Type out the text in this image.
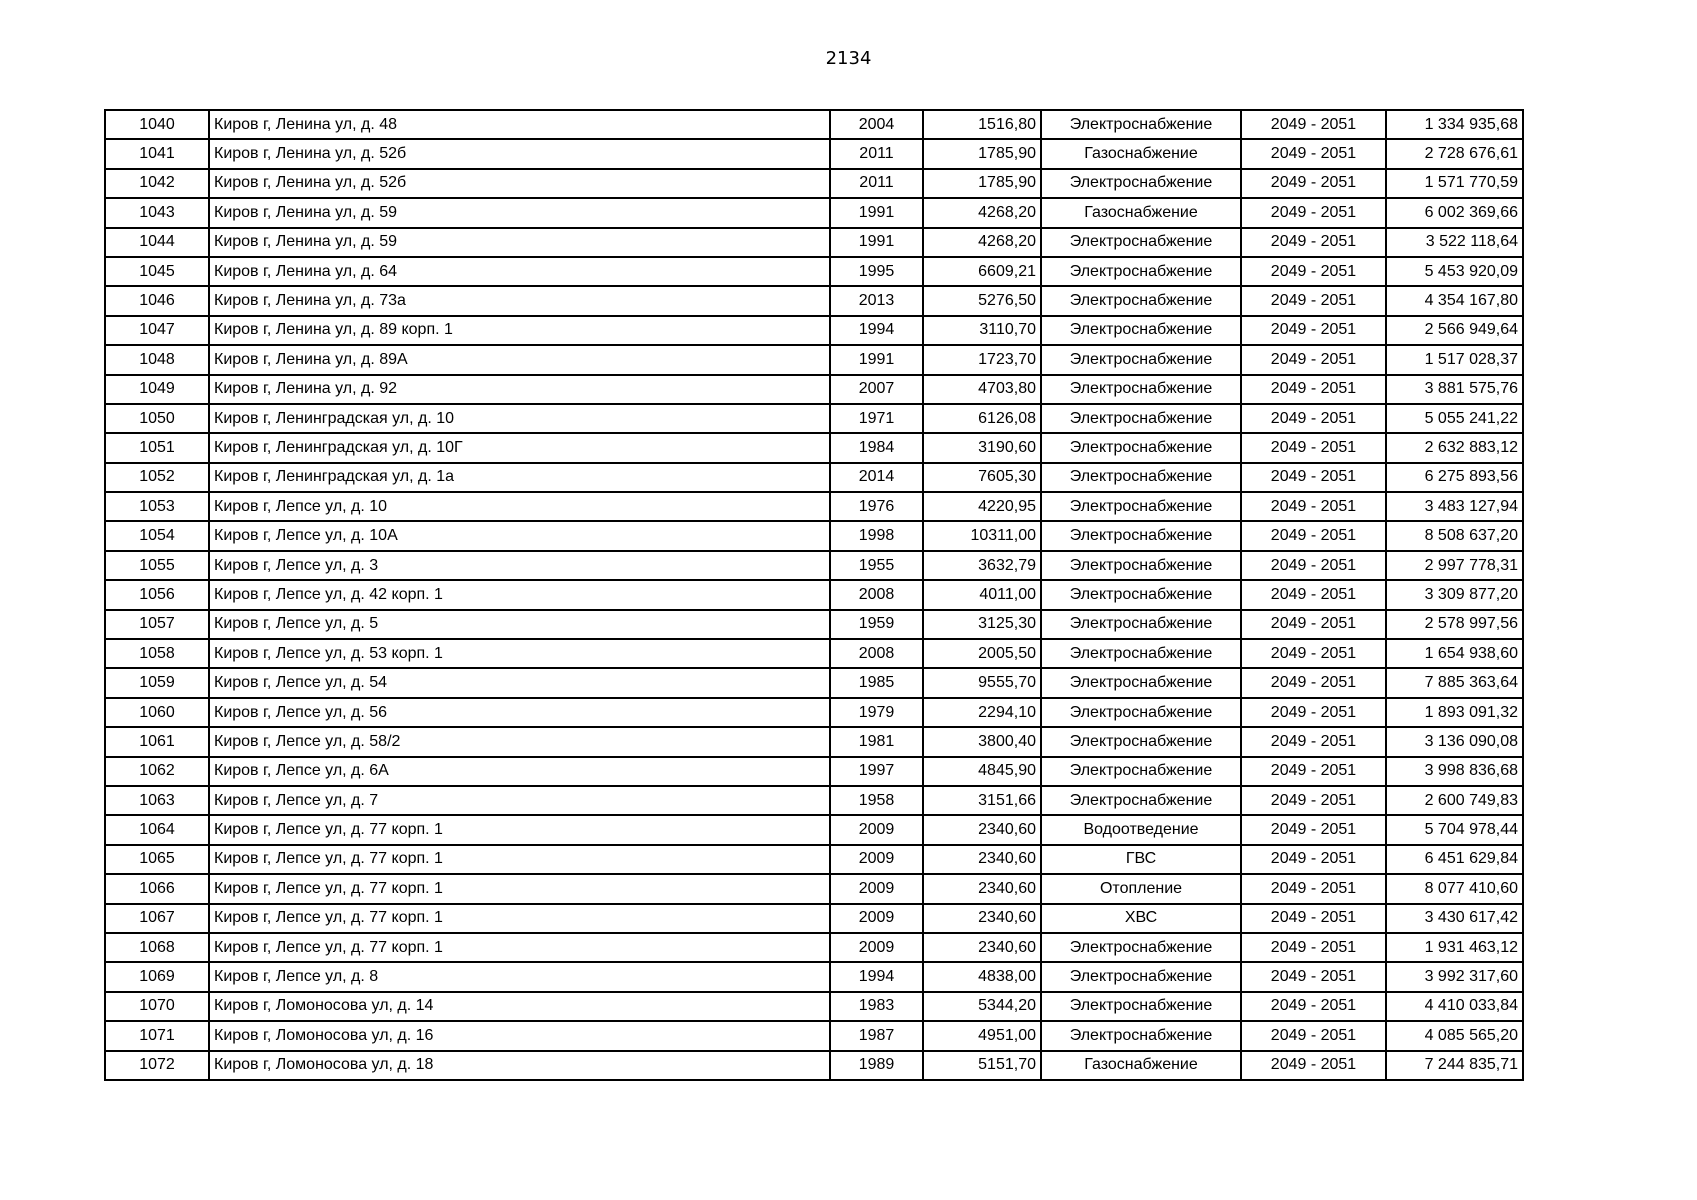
2134
1040	Киров г, Ленина ул, д. 48	2004	1516,80	Электроснабжение	2049 - 2051	1 334 935,68
1041	Киров г, Ленина ул, д. 52б	2011	1785,90	Газоснабжение	2049 - 2051	2 728 676,61
1042	Киров г, Ленина ул, д. 52б	2011	1785,90	Электроснабжение	2049 - 2051	1 571 770,59
1043	Киров г, Ленина ул, д. 59	1991	4268,20	Газоснабжение	2049 - 2051	6 002 369,66
1044	Киров г, Ленина ул, д. 59	1991	4268,20	Электроснабжение	2049 - 2051	3 522 118,64
1045	Киров г, Ленина ул, д. 64	1995	6609,21	Электроснабжение	2049 - 2051	5 453 920,09
1046	Киров г, Ленина ул, д. 73а	2013	5276,50	Электроснабжение	2049 - 2051	4 354 167,80
1047	Киров г, Ленина ул, д. 89 корп. 1	1994	3110,70	Электроснабжение	2049 - 2051	2 566 949,64
1048	Киров г, Ленина ул, д. 89А	1991	1723,70	Электроснабжение	2049 - 2051	1 517 028,37
1049	Киров г, Ленина ул, д. 92	2007	4703,80	Электроснабжение	2049 - 2051	3 881 575,76
1050	Киров г, Ленинградская ул, д. 10	1971	6126,08	Электроснабжение	2049 - 2051	5 055 241,22
1051	Киров г, Ленинградская ул, д. 10Г	1984	3190,60	Электроснабжение	2049 - 2051	2 632 883,12
1052	Киров г, Ленинградская ул, д. 1а	2014	7605,30	Электроснабжение	2049 - 2051	6 275 893,56
1053	Киров г, Лепсе ул, д. 10	1976	4220,95	Электроснабжение	2049 - 2051	3 483 127,94
1054	Киров г, Лепсе ул, д. 10А	1998	10311,00	Электроснабжение	2049 - 2051	8 508 637,20
1055	Киров г, Лепсе ул, д. 3	1955	3632,79	Электроснабжение	2049 - 2051	2 997 778,31
1056	Киров г, Лепсе ул, д. 42 корп. 1	2008	4011,00	Электроснабжение	2049 - 2051	3 309 877,20
1057	Киров г, Лепсе ул, д. 5	1959	3125,30	Электроснабжение	2049 - 2051	2 578 997,56
1058	Киров г, Лепсе ул, д. 53 корп. 1	2008	2005,50	Электроснабжение	2049 - 2051	1 654 938,60
1059	Киров г, Лепсе ул, д. 54	1985	9555,70	Электроснабжение	2049 - 2051	7 885 363,64
1060	Киров г, Лепсе ул, д. 56	1979	2294,10	Электроснабжение	2049 - 2051	1 893 091,32
1061	Киров г, Лепсе ул, д. 58/2	1981	3800,40	Электроснабжение	2049 - 2051	3 136 090,08
1062	Киров г, Лепсе ул, д. 6А	1997	4845,90	Электроснабжение	2049 - 2051	3 998 836,68
1063	Киров г, Лепсе ул, д. 7	1958	3151,66	Электроснабжение	2049 - 2051	2 600 749,83
1064	Киров г, Лепсе ул, д. 77 корп. 1	2009	2340,60	Водоотведение	2049 - 2051	5 704 978,44
1065	Киров г, Лепсе ул, д. 77 корп. 1	2009	2340,60	ГВС	2049 - 2051	6 451 629,84
1066	Киров г, Лепсе ул, д. 77 корп. 1	2009	2340,60	Отопление	2049 - 2051	8 077 410,60
1067	Киров г, Лепсе ул, д. 77 корп. 1	2009	2340,60	ХВС	2049 - 2051	3 430 617,42
1068	Киров г, Лепсе ул, д. 77 корп. 1	2009	2340,60	Электроснабжение	2049 - 2051	1 931 463,12
1069	Киров г, Лепсе ул, д. 8	1994	4838,00	Электроснабжение	2049 - 2051	3 992 317,60
1070	Киров г, Ломоносова ул, д. 14	1983	5344,20	Электроснабжение	2049 - 2051	4 410 033,84
1071	Киров г, Ломоносова ул, д. 16	1987	4951,00	Электроснабжение	2049 - 2051	4 085 565,20
1072	Киров г, Ломоносова ул, д. 18	1989	5151,70	Газоснабжение	2049 - 2051	7 244 835,71
